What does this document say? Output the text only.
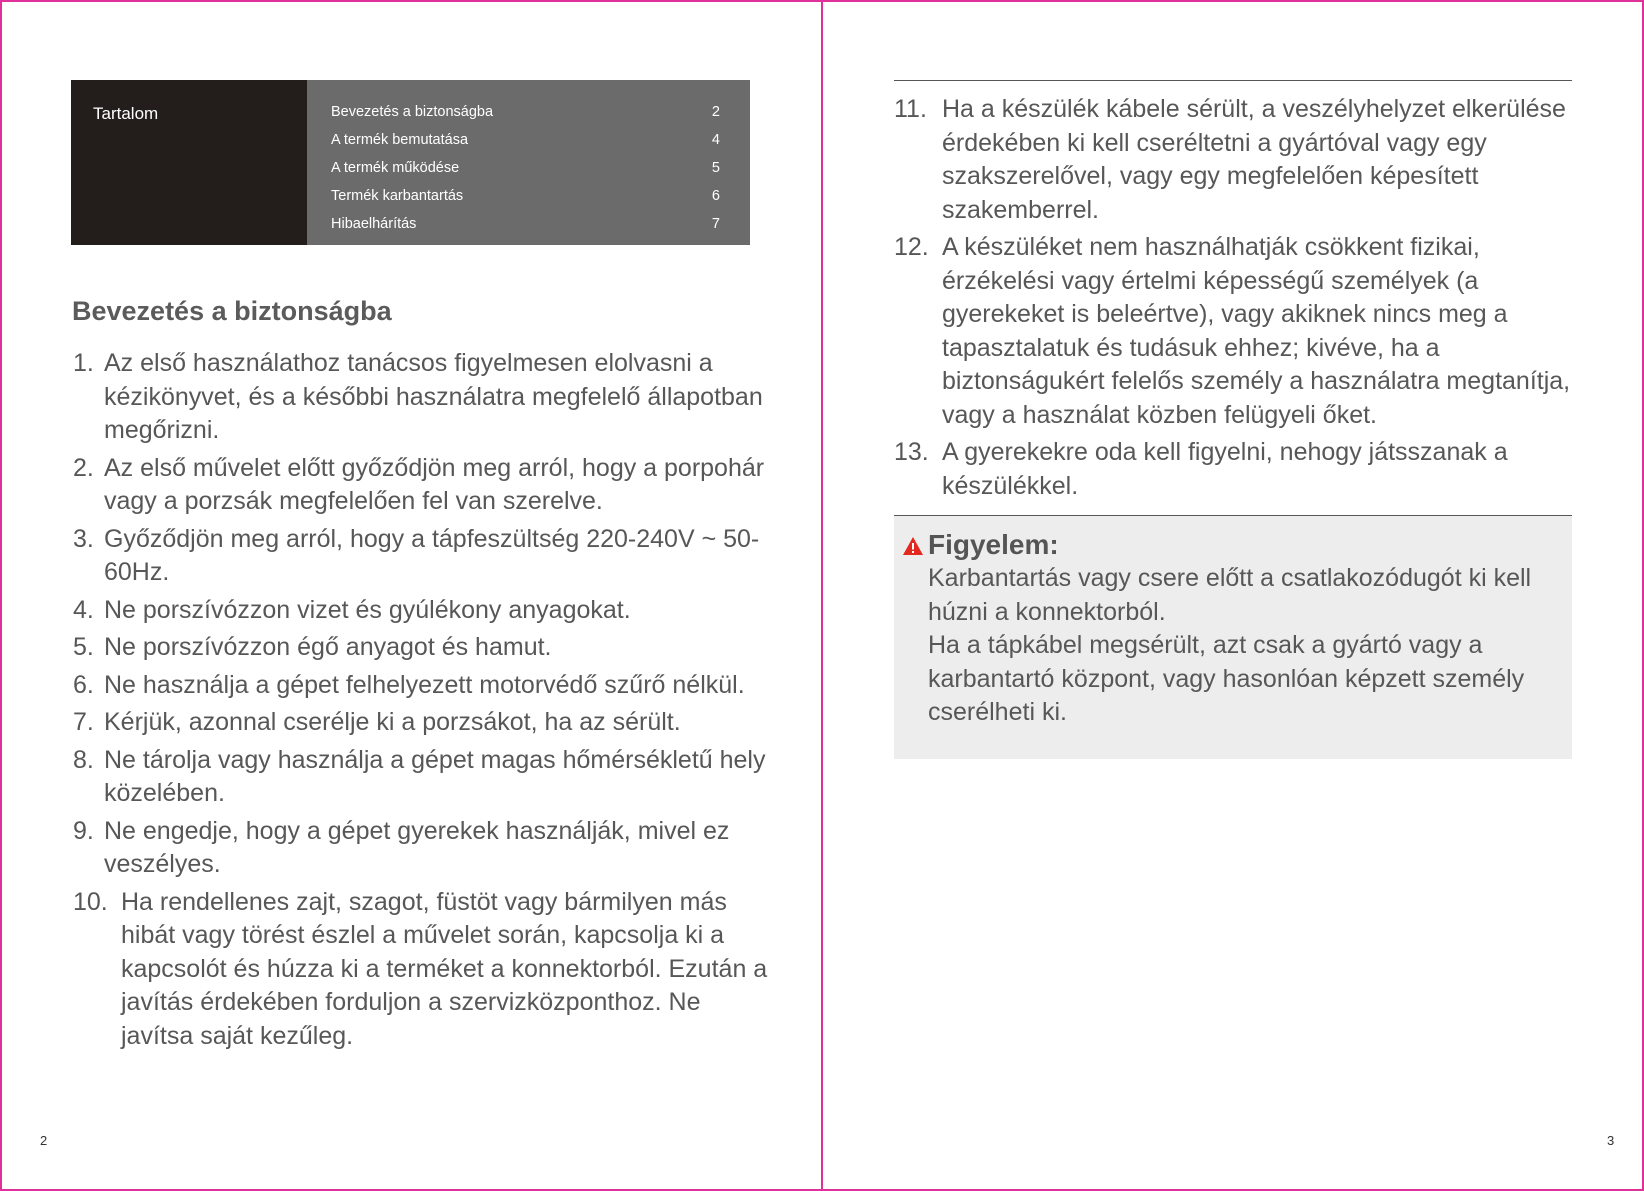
Tartalom	Bevezetés a biztonságba	2
A termék bemutatása	4
A termék működése	5
Termék karbantartás	6
Hibaelhárítás	7
Bevezetés a biztonságba
1. Az első használathoz tanácsos figyelmesen elolvasni a kézikönyvet, és a későbbi használatra megfelelő állapotban megőrizni.
2. Az első művelet előtt győződjön meg arról, hogy a porpohár vagy a porzsák megfelelően fel van szerelve.
3. Győződjön meg arról, hogy a tápfeszültség 220-240V ~ 50-60Hz.
4. Ne porszívózzon vizet és gyúlékony anyagokat.
5. Ne porszívózzon égő anyagot és hamut.
6. Ne használja a gépet felhelyezett motorvédő szűrő nélkül.
7. Kérjük, azonnal cserélje ki a porzsákot, ha az sérült.
8. Ne tárolja vagy használja a gépet magas hőmérsékletű hely közelében.
9. Ne engedje, hogy a gépet gyerekek használják, mivel ez veszélyes.
10. Ha rendellenes zajt, szagot, füstöt vagy bármilyen más hibát vagy törést észlel a művelet során, kapcsolja ki a kapcsolót és húzza ki a terméket a konnektorból. Ezután a javítás érdekében forduljon a szervizközponthoz. Ne javítsa saját kezűleg.
11. Ha a készülék kábele sérült, a veszélyhelyzet elkerülése érdekében ki kell cseréltetni a gyártóval vagy egy szakszerelővel, vagy egy megfelelően képesített szakemberrel.
12. A készüléket nem használhatják csökkent fizikai, érzékelési vagy értelmi képességű személyek (a gyerekeket is beleértve), vagy akiknek nincs meg a tapasztalatuk és tudásuk ehhez; kivéve, ha a biztonságukért felelős személy a használatra megtanítja, vagy a használat közben felügyeli őket.
13. A gyerekekre oda kell figyelni, nehogy játsszanak a készülékkel.
Figyelem:
Karbantartás vagy csere előtt a csatlakozódugót ki kell húzni a konnektorból.
Ha a tápkábel megsérült, azt csak a gyártó vagy a karbantartó központ, vagy hasonlóan képzett személy cserélheti ki.
2	3
